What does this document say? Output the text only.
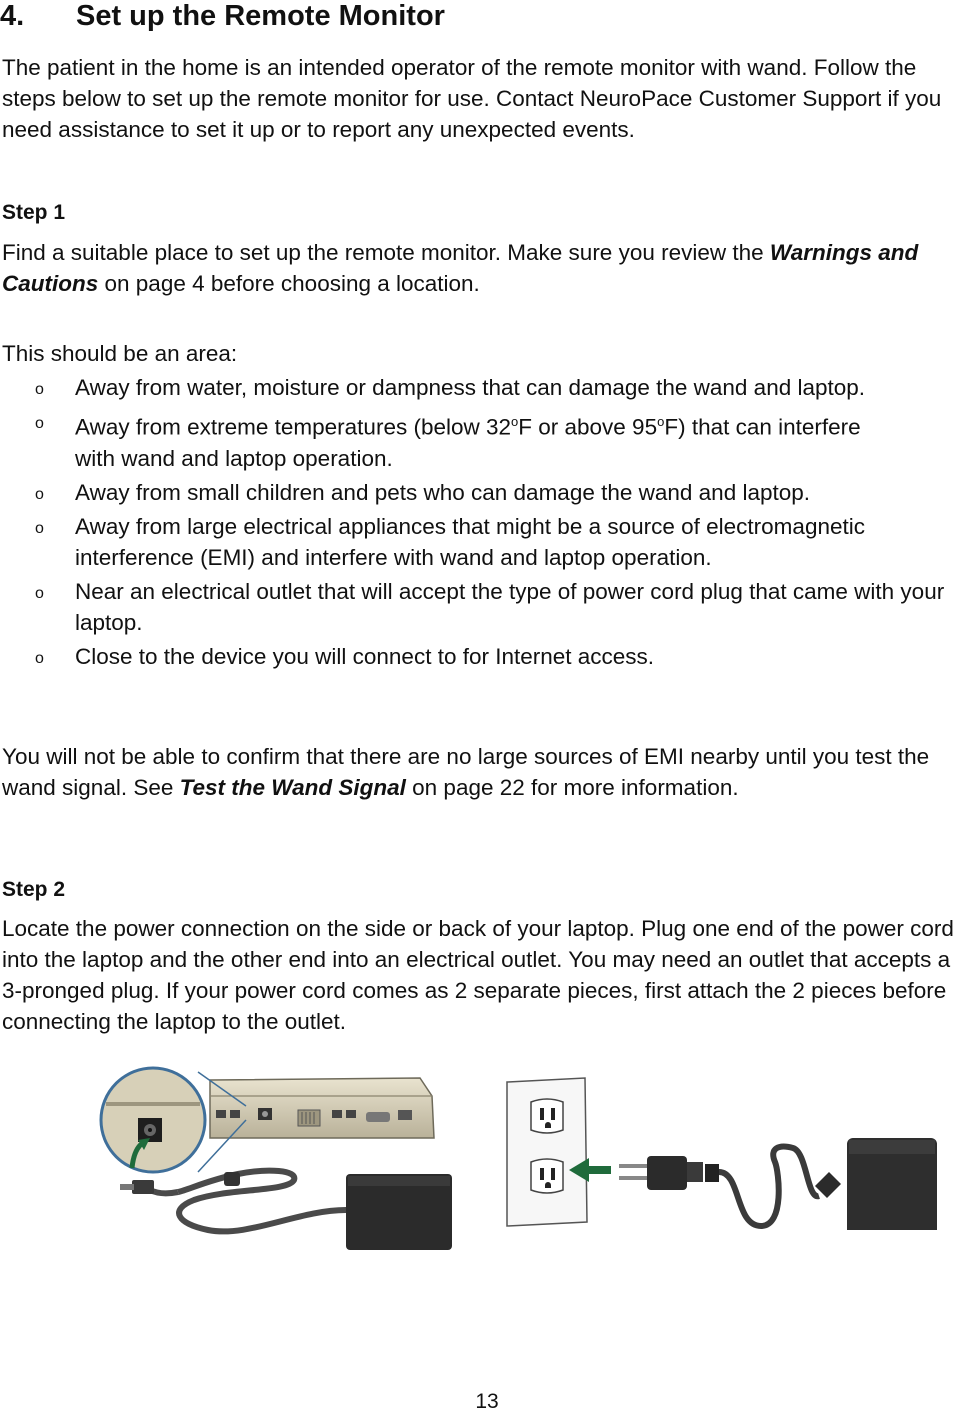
4. Set up the Remote Monitor

The patient in the home is an intended operator of the remote monitor with wand. Follow the steps below to set up the remote monitor for use. Contact NeuroPace Customer Support if you need assistance to set it up or to report any unexpected events.

Step 1

Find a suitable place to set up the remote monitor. Make sure you review the Warnings and Cautions on page 4 before choosing a location.

This should be an area:

o Away from water, moisture or dampness that can damage the wand and laptop.
o Away from extreme temperatures (below 32$^o$F or above 95$^o$F) that can interfere
with wand and laptop operation.
o Away from small children and pets who can damage the wand and laptop.
o Away from large electrical appliances that might be a source of electromagnetic interference (EMI) and interfere with wand and laptop operation.
o Near an electrical outlet that will accept the type of power cord plug that came with your laptop.
o Close to the device you will connect to for Internet access.

You will not be able to confirm that there are no large sources of EMI nearby until you test the wand signal. See Test the Wand Signal on page 22 for more information.

Step 2

Locate the power connection on the side or back of your laptop. Plug one end of the power cord into the laptop and the other end into an electrical outlet. You may need an outlet that accepts a 3-pronged plug. If your power cord comes as 2 separate pieces, first attach the 2 pieces before connecting the laptop to the outlet.

13
